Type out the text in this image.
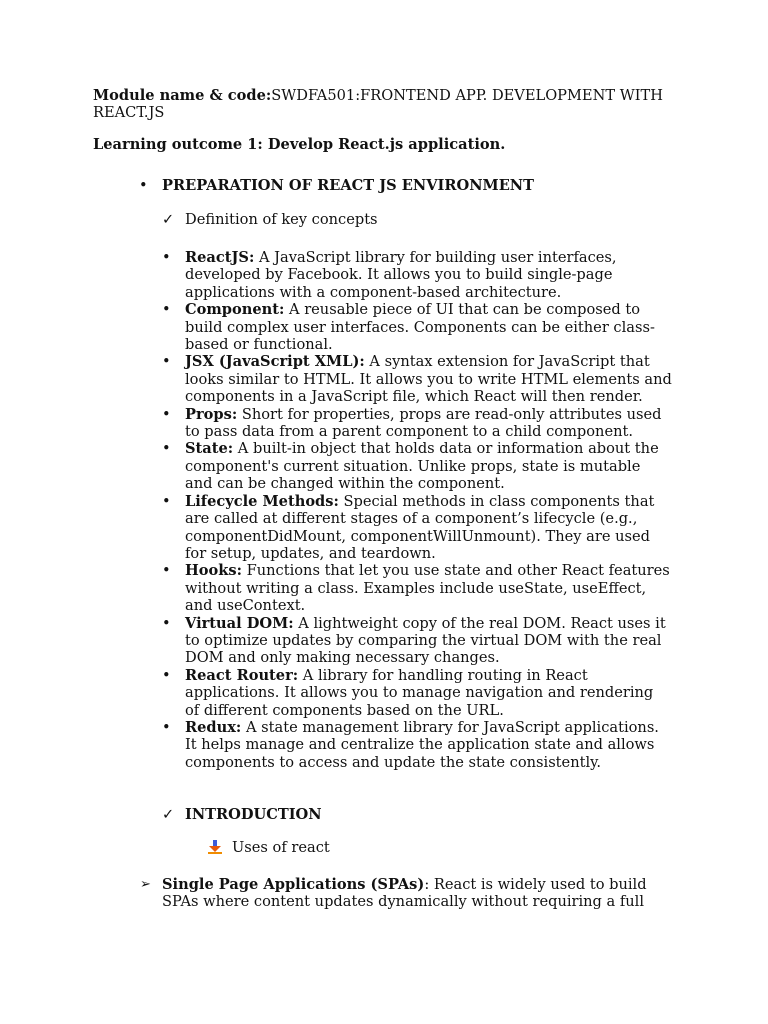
Module name & code:SWDFA501:FRONTEND APP. DEVELOPMENT WITH REACT.JS

Learning outcome 1: Develop React.js application.

• PREPARATION OF REACT JS ENVIRONMENT

✓ Definition of key concepts
• ReactJS: A JavaScript library for building user interfaces, developed by Facebook. It allows you to build single-page applications with a component-based architecture.
• Component: A reusable piece of UI that can be composed to build complex user interfaces. Components can be either class-based or functional.
• JSX (JavaScript XML): A syntax extension for JavaScript that looks similar to HTML. It allows you to write HTML elements and components in a JavaScript file, which React will then render.
• Props: Short for properties, props are read-only attributes used to pass data from a parent component to a child component.
• State: A built-in object that holds data or information about the component's current situation. Unlike props, state is mutable and can be changed within the component.
• Lifecycle Methods: Special methods in class components that are called at different stages of a component’s lifecycle (e.g., componentDidMount, componentWillUnmount). They are used for setup, updates, and teardown.
• Hooks: Functions that let you use state and other React features without writing a class. Examples include useState, useEffect, and useContext.
• Virtual DOM: A lightweight copy of the real DOM. React uses it to optimize updates by comparing the virtual DOM with the real DOM and only making necessary changes.
• React Router: A library for handling routing in React applications. It allows you to manage navigation and rendering of different components based on the URL.
• Redux: A state management library for JavaScript applications. It helps manage and centralize the application state and allows components to access and update the state consistently.
✓ INTRODUCTION
Uses of react
➢ Single Page Applications (SPAs): React is widely used to build SPAs where content updates dynamically without requiring a full
